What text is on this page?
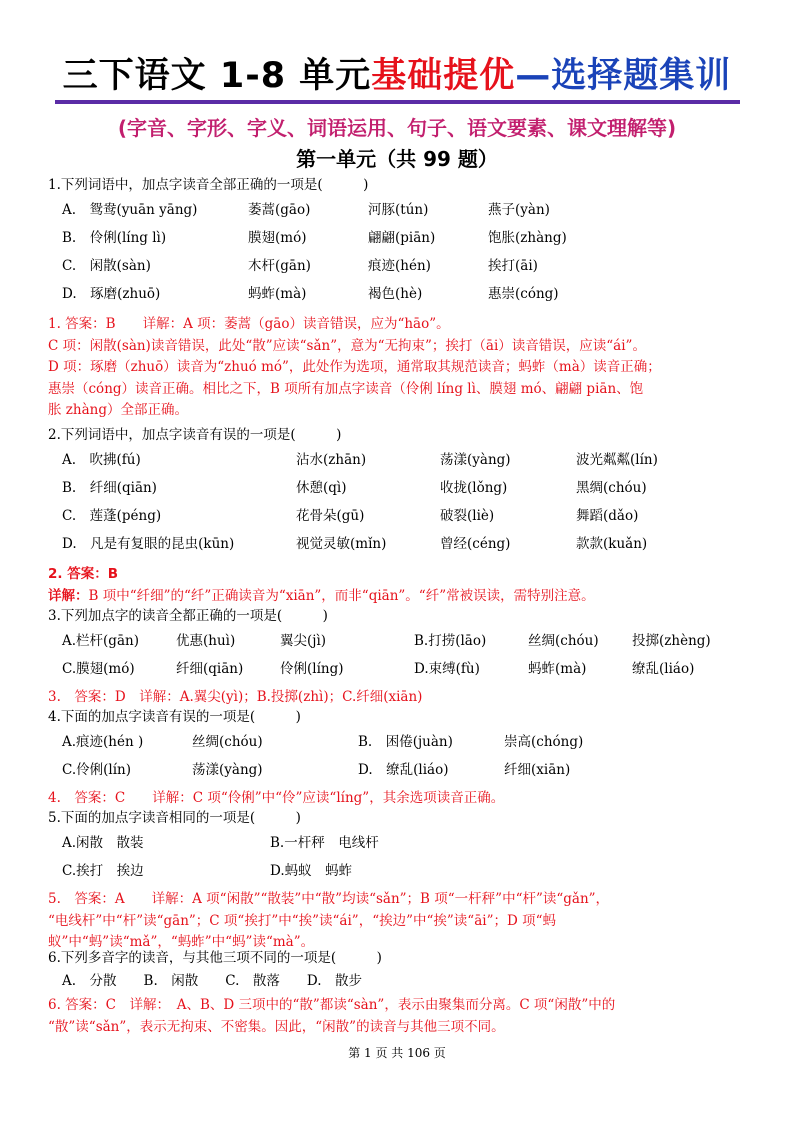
三下语文 1-8 单元基础提优—选择题集训
(字音、字形、字义、词语运用、句子、语文要素、课文理解等)
第一单元（共 99 题）
1.下列词语中，加点字读音全部正确的一项是(　　　)
A.　鸳鸯(yuān yāng)	萎蒿(gāo)	河豚(tún)	燕子(yàn)
B.　伶俐(líng lì)	膜翅(mó)	翩翩(piān)	饱胀(zhàng)
C.　闲散(sàn)	木杆(gān)	痕迹(hén)	挨打(āi)
D.　琢磨(zhuō)	蚂蚱(mà)	褐色(hè)	惠崇(cóng)
1. 答案：B　　详解：A 项：萎蒿（gāo）读音错误，应为“hāo”。
C 项：闲散(sàn)读音错误，此处“散”应读“sǎn”，意为“无拘束”；挨打（āi）读音错误，应读“ái”。
D 项：琢磨（zhuō）读音为“zhuó mó”，此处作为选项，通常取其规范读音；蚂蚱（mà）读音正确；
惠崇（cóng）读音正确。相比之下，B 项所有加点字读音（伶俐 líng lì、膜翅 mó、翩翩 piān、饱
胀 zhàng）全部正确。
2.下列词语中，加点字读音有误的一项是(　　　)
A.　吹拂(fú)	沾水(zhān)	荡漾(yàng)	波光粼粼(lín)
B.　纤细(qiān)	休憩(qì)	收拢(lǒng)	黑绸(chóu)
C.　莲蓬(péng)	花骨朵(gū)	破裂(liè)	舞蹈(dǎo)
D.　凡是有复眼的昆虫(kūn)	视觉灵敏(mǐn)	曾经(céng)	款款(kuǎn)
2. 答案：B
详解：B 项中“纤细”的“纤”正确读音为“xiān”，而非“qiān”。“纤”常被误读，需特别注意。
3.下列加点字的读音全都正确的一项是(　　　)
A.栏杆(gān)	优惠(huì)	翼尖(jì)	B.打捞(lāo)	丝绸(chóu) 投掷(zhèng)
C.膜翅(mó)	纤细(qiān)	伶俐(líng)	D.束缚(fù)	蚂蚱(mà)	缭乱(liáo)
3.　答案：D　详解：A.翼尖(yì)；B.投掷(zhì)；C.纤细(xiān)
4.下面的加点字读音有误的一项是(　　　)
A.痕迹(hén )	丝绸(chóu)	B.　困倦(juàn)	崇高(chóng)
C.伶俐(lín)	荡漾(yàng)	D.　缭乱(liáo)	纤细(xiān)
4.　答案：C　　详解：C 项“伶俐”中“伶”应读“líng”，其余选项读音正确。
5.下面的加点字读音相同的一项是(　　　)
A.闲散　散装	B.一杆秤　电线杆
C.挨打　挨边	D.蚂蚁　蚂蚱
5.　答案：A　　详解：A 项“闲散”“散装”中“散”均读“sǎn”；B 项“一杆秤”中“杆”读“gǎn”，
“电线杆”中“杆”读“gān”；C 项“挨打”中“挨”读“ái”，“挨边”中“挨”读“āi”；D 项“蚂
蚁”中“蚂”读“mǎ”，“蚂蚱”中“蚂”读“mà”。
6.下列多音字的读音，与其他三项不同的一项是(　　　)
A.　分散　　B.　闲散　　C.　散落　　D.　散步
6. 答案：C　详解：　A、B、D 三项中的“散”都读“sàn”，表示由聚集而分离。C 项“闲散”中的
“散”读“sǎn”，表示无拘束、不密集。因此，“闲散”的读音与其他三项不同。
第 1 页 共 106 页
